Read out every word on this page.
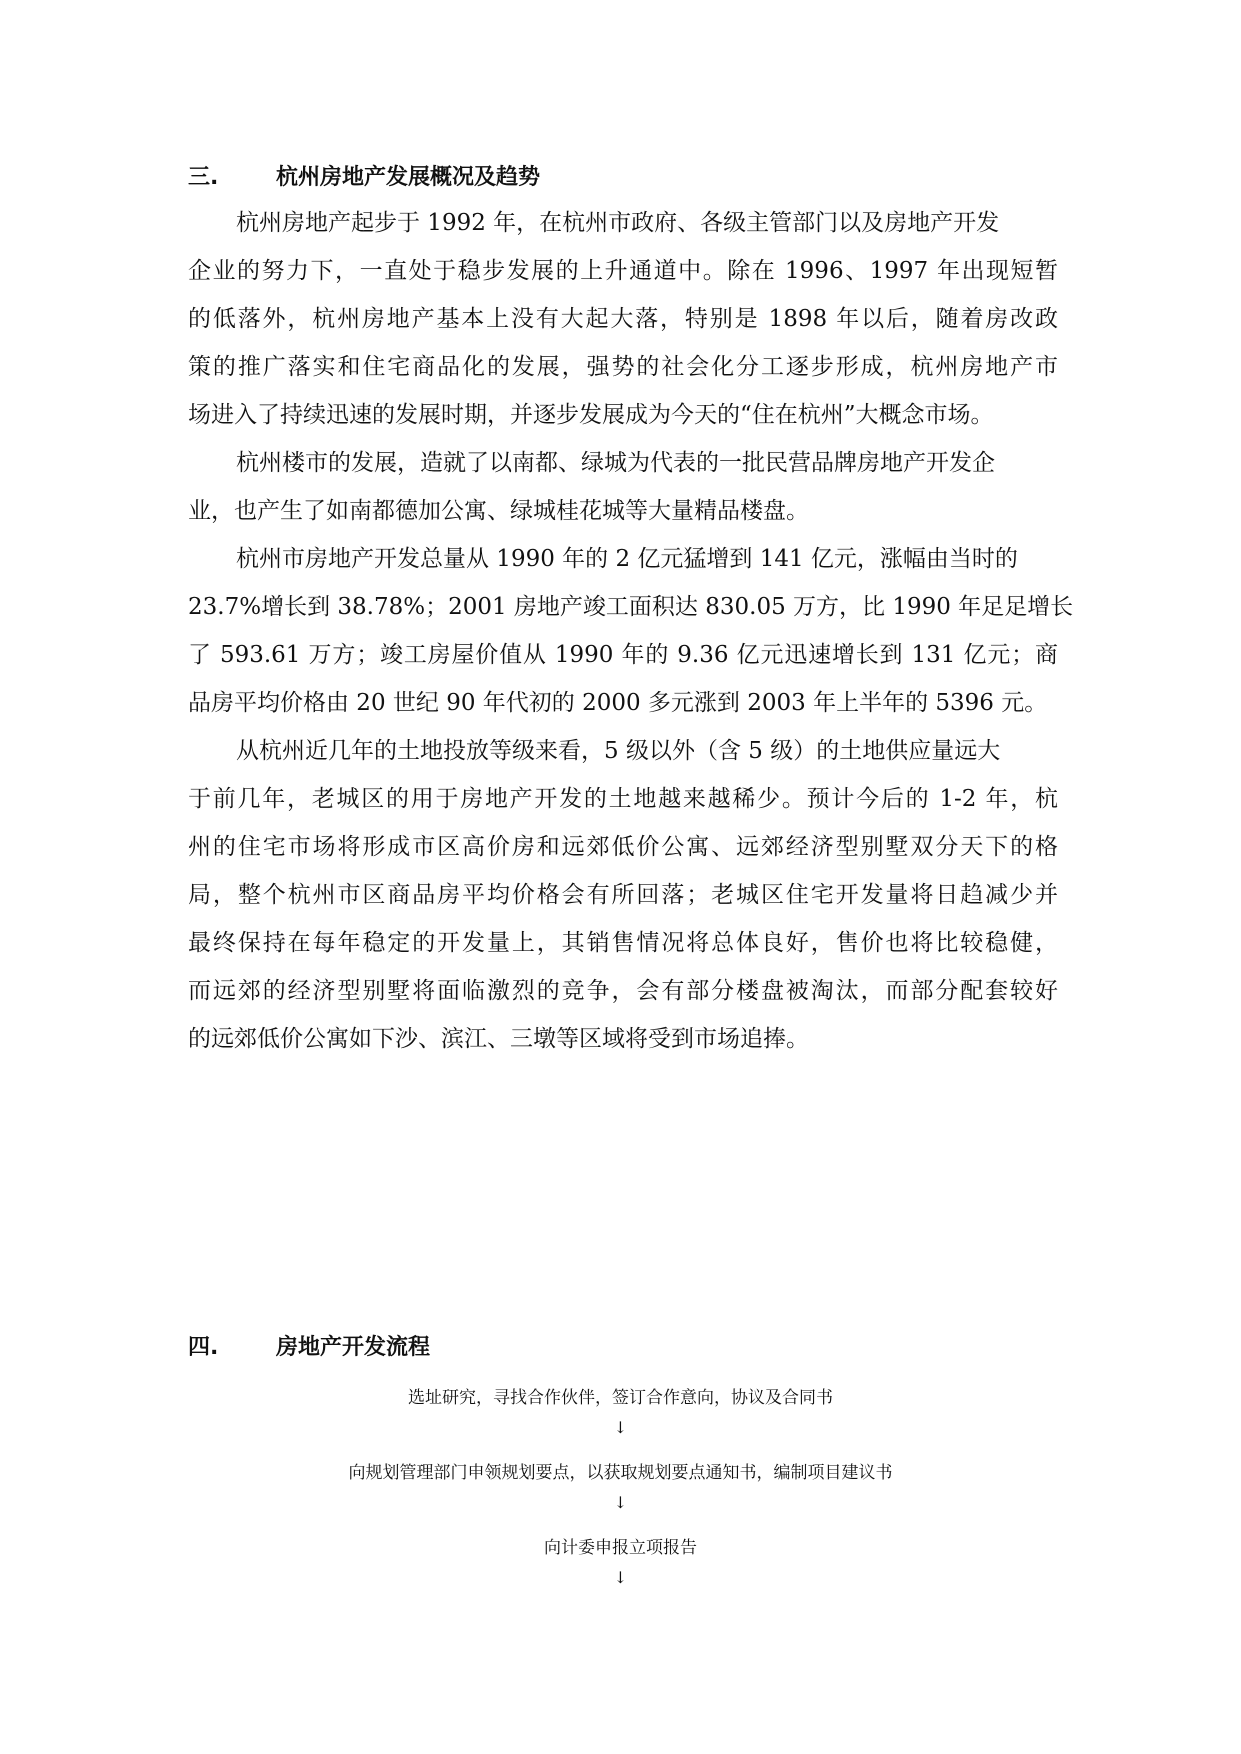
三.	杭州房地产发展概况及趋势
杭州房地产起步于 1992 年，在杭州市政府、各级主管部门以及房地产开发
企业的努力下，一直处于稳步发展的上升通道中。除在 1996、1997 年出现短暂
的低落外，杭州房地产基本上没有大起大落，特别是 1898 年以后，随着房改政
策的推广落实和住宅商品化的发展，强势的社会化分工逐步形成，杭州房地产市
场进入了持续迅速的发展时期，并逐步发展成为今天的“住在杭州”大概念市场。
杭州楼市的发展，造就了以南都、绿城为代表的一批民营品牌房地产开发企
业，也产生了如南都德加公寓、绿城桂花城等大量精品楼盘。
杭州市房地产开发总量从 1990 年的 2 亿元猛增到 141 亿元，涨幅由当时的
23.7%增长到 38.78%；2001 房地产竣工面积达 830.05 万方，比 1990 年足足增长
了 593.61 万方；竣工房屋价值从 1990 年的 9.36 亿元迅速增长到 131 亿元；商
品房平均价格由 20 世纪 90 年代初的 2000 多元涨到 2003 年上半年的 5396 元。
从杭州近几年的土地投放等级来看，5 级以外（含 5 级）的土地供应量远大
于前几年，老城区的用于房地产开发的土地越来越稀少。预计今后的 1-2 年，杭
州的住宅市场将形成市区高价房和远郊低价公寓、远郊经济型别墅双分天下的格
局，整个杭州市区商品房平均价格会有所回落；老城区住宅开发量将日趋减少并
最终保持在每年稳定的开发量上，其销售情况将总体良好，售价也将比较稳健，
而远郊的经济型别墅将面临激烈的竞争，会有部分楼盘被淘汰，而部分配套较好
的远郊低价公寓如下沙、滨江、三墩等区域将受到市场追捧。
四.	房地产开发流程
选址研究，寻找合作伙伴，签订合作意向，协议及合同书
↓
向规划管理部门申领规划要点，以获取规划要点通知书，编制项目建议书
↓
向计委申报立项报告
↓
